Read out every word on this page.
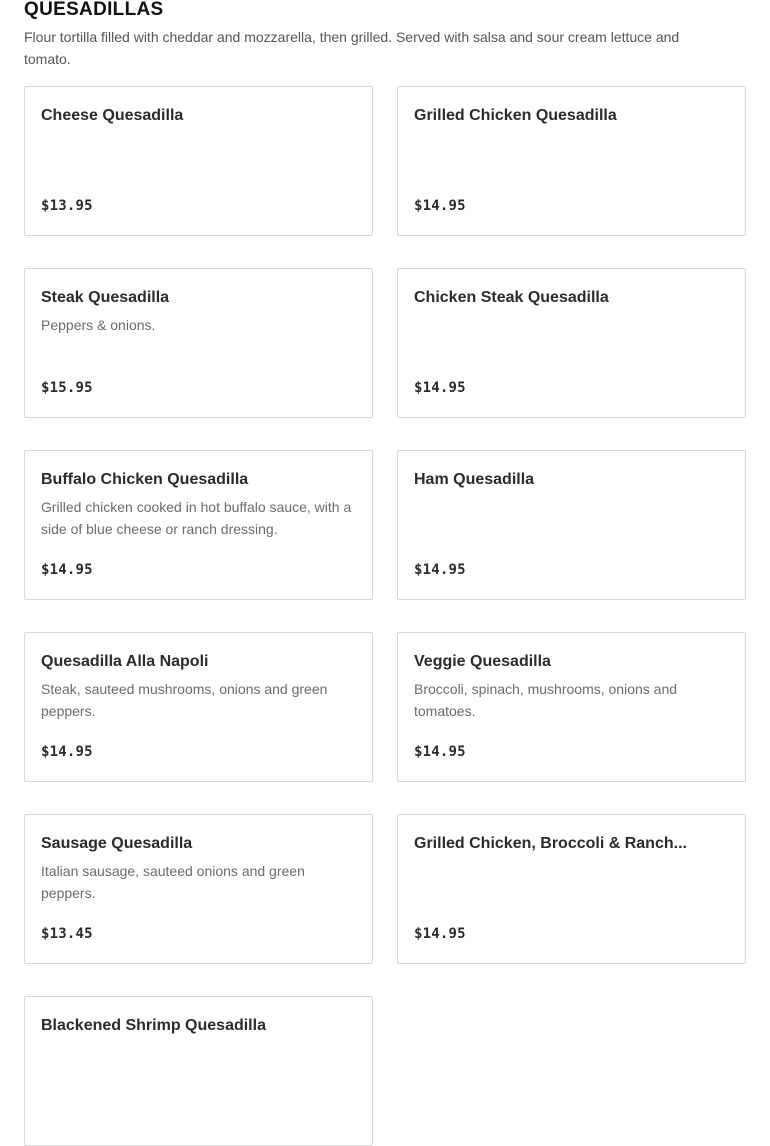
QUESADILLAS

Flour tortilla filled with cheddar and mozzarella, then grilled. Served with salsa and sour cream lettuce and tomato.

Cheese Quesadilla

$13.95
Grilled Chicken Quesadilla

$14.95
Steak Quesadilla

Peppers & onions.

$15.95
Chicken Steak Quesadilla

$14.95
Buffalo Chicken Quesadilla

Grilled chicken cooked in hot buffalo sauce, with a side of blue cheese or ranch dressing.

$14.95
Ham Quesadilla

$14.95
Quesadilla Alla Napoli

Steak, sauteed mushrooms, onions and green peppers.

$14.95
Veggie Quesadilla

Broccoli, spinach, mushrooms, onions and tomatoes.

$14.95
Sausage Quesadilla

Italian sausage, sauteed onions and green peppers.

$13.45
Grilled Chicken, Broccoli & Ranch...

$14.95
Blackened Shrimp Quesadilla
